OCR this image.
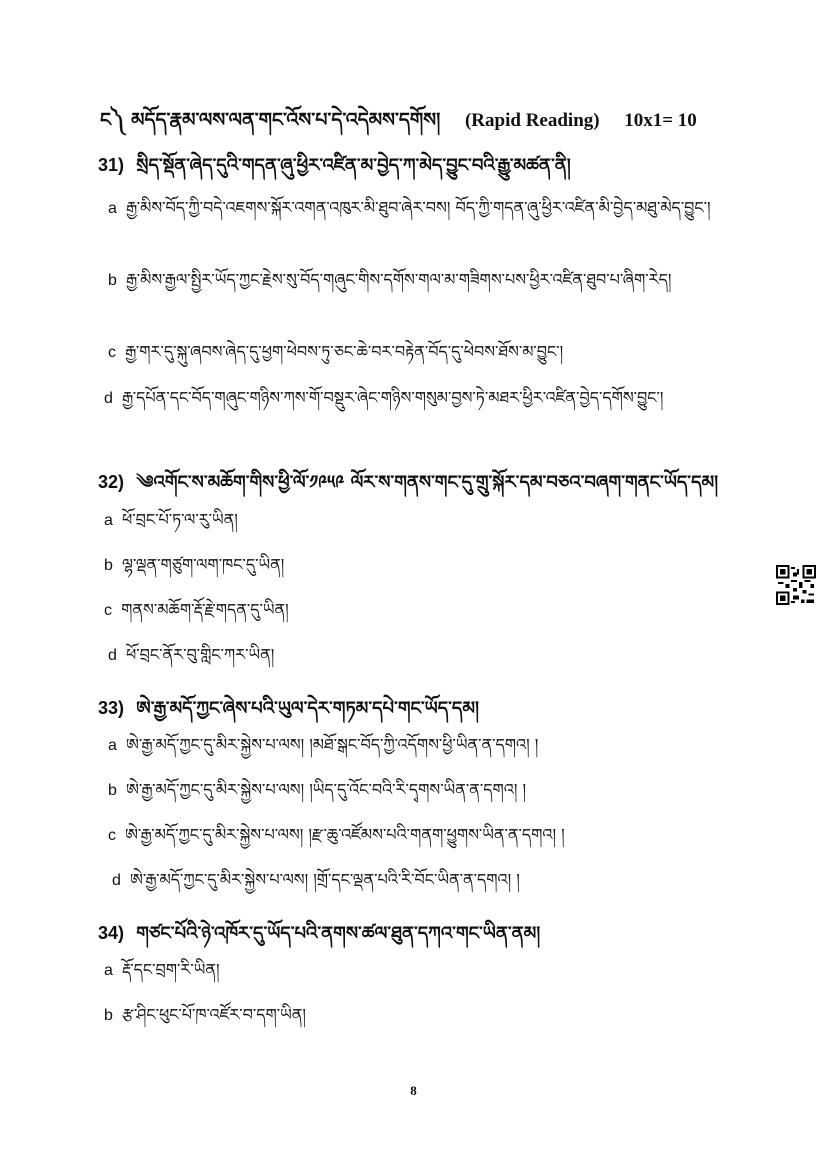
ང༽ མདོད་རྣམ་ལས་ལན་གང་འོས་པ་དེ་འདེམས་དགོས། (Rapid Reading) 10x1= 10
31) སྲིད་སྡོན་ཞེད་དུའི་གདན་ཞུ་ཕྱིར་འཛིན་མ་བྱེད་ཀ་མེད་བྱུང་བའི་རྒྱུ་མཚན་ནི།
a རྒྱ་མིས་བོད་ཀྱི་བདེ་འཇགས་སྐོར་འགན་འཁུར་མི་ཐུབ་ཞེར་བས། བོད་ཀྱི་གདན་ཞུ་ཕྱིར་འཛིན་མི་བྱེད་མཐུ་མེད་བྱུང་།
b རྒྱ་མིས་རྒྱལ་སྤྱིར་ཡོད་ཀྱང་རྗེས་སུ་བོད་གཞུང་གིས་དགོས་གལ་མ་གཟིགས་པས་ཕྱིར་འཛིན་ཐུབ་པ་ཞིག་རེད།
c རྒྱ་གར་དུ་སྐུ་ཞབས་ཞེད་དུ་ཕྱག་ཕེབས་ཏུ་ཅང་ཆེ་བར་བརྟེན་བོད་དུ་ཕེབས་ཐོས་མ་བྱུང་།
d རྒྱ་དཔོན་དང་བོད་གཞུང་གཉིས་ཀས་གོ་བསྡུར་ཞེང་གཉིས་གསུམ་བྱས་ཏེ་མཐར་ཕྱིར་འཛིན་བྱེད་དགོས་བྱུང་།
32) ༄འགོང་ས་མཆོག་གིས་ཕྱི་ལོ་༡༩༥༩ ལོར་ས་གནས་གང་དུ་གྲུ་སྐོར་དམ་བཅའ་བཞག་གནང་ཡོད་དམ།
a ཕོ་བྲང་པོ་ཏ་ལ་རུ་ཡིན།
b ལྷ་ལྡན་གཙུག་ལག་ཁང་དུ་ཡིན།
c གནས་མཆོག་རྡོ་རྗེ་གདན་དུ་ཡིན།
d ཕོ་བྲང་ནོར་བུ་གླིང་ཀར་ཡིན།
33) ཨེ་རྒྱ་མདོ་ཀྱང་ཞེས་པའི་ཡུལ་དེར་གཏམ་དཔེ་གང་ཡོད་དམ།
a ཨེ་རྒྱ་མདོ་ཀྱང་དུ་མིར་སྐྱེས་པ་ལས། །མཐོ་སྒང་བོད་ཀྱི་འདོགས་ཕྱི་ཡིན་ན་དགའ། །
b ཨེ་རྒྱ་མདོ་ཀྱང་དུ་མིར་སྐྱེས་པ་ལས། །ཡིད་དུ་འོང་བའི་རི་དྭགས་ཡིན་ན་དགའ། །
c ཨེ་རྒྱ་མདོ་ཀྱང་དུ་མིར་སྐྱེས་པ་ལས། །རྫ་ཆུ་འཛོམས་པའི་གནག་ཕྱུགས་ཡིན་ན་དགའ། །
d ཨེ་རྒྱ་མདོ་ཀྱང་དུ་མིར་སྐྱེས་པ་ལས། །གྲོ་དང་ལྡན་པའི་རི་བོང་ཡིན་ན་དགའ། །
34) གཙང་པོའི་ཉེ་འཁོར་དུ་ཡོད་པའི་ནགས་ཚལ་ཐུན་དཀའ་གང་ཡིན་ནམ།
a རྡོ་དང་བྲག་རི་ཡིན།
b རྩ་ཤིང་ཕུང་པོ་ཁ་འཛོར་བ་དག་ཡིན།
8
